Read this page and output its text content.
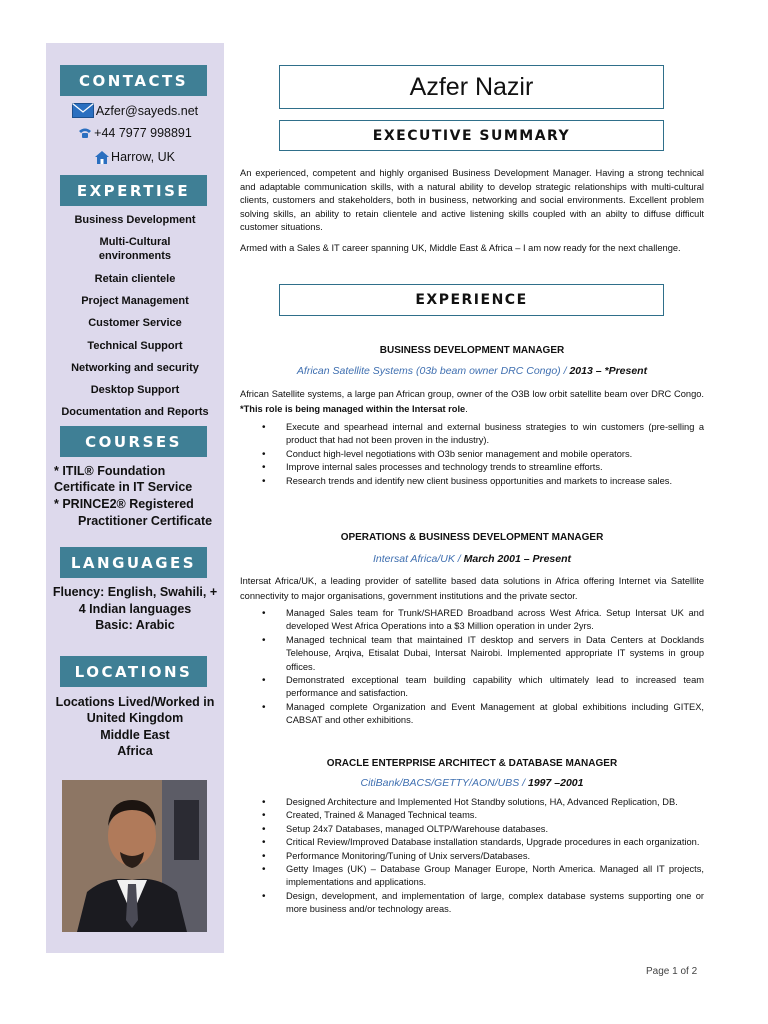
CONTACTS
Azfer@sayeds.net
+44 7977 998891
Harrow, UK
EXPERTISE
Business Development
Multi-Cultural
environments
Retain clientele
Project Management
Customer Service
Technical Support
Networking and security
Desktop Support
Documentation and Reports
COURSES
* ITIL® Foundation
Certificate in IT Service
* PRINCE2® Registered
Practitioner Certificate
LANGUAGES
Fluency: English, Swahili, +
4 Indian languages
Basic: Arabic
LOCATIONS
Locations Lived/Worked in
United Kingdom
Middle East
Africa
Azfer Nazir
EXECUTIVE SUMMARY
An experienced, competent and highly organised Business Development Manager. Having a strong technical and adaptable communication skills, with a natural ability to develop strategic relationships with multi-cultural clients, customers and stakeholders, both in business, networking and social environments. Excellent problem solving skills, an ability to retain clientele and active listening skills coupled with an abilty to diffuse difficult customer situations.
Armed with a Sales & IT career spanning UK, Middle East & Africa – I am now ready for the next challenge.
EXPERIENCE
BUSINESS DEVELOPMENT MANAGER
African Satellite Systems (03b beam owner DRC Congo) / 2013 – *Present
African Satellite systems, a large pan African group, owner of the O3B low orbit satellite beam over DRC Congo. *This role is being managed within the Intersat role.
• Execute and spearhead internal and external business strategies to win customers (pre-selling a product that had not been proven in the industry).
• Conduct high-level negotiations with O3b senior management and mobile operators.
• Improve internal sales processes and technology trends to streamline efforts.
• Research trends and identify new client business opportunities and markets to increase sales.
OPERATIONS & BUSINESS DEVELOPMENT MANAGER
Intersat Africa/UK / March 2001 – Present
Intersat Africa/UK, a leading provider of satellite based data solutions in Africa offering Internet via Satellite connectivity to major organisations, government institutions and the private sector.
• Managed Sales team for Trunk/SHARED Broadband across West Africa. Setup Intersat UK and developed West Africa Operations into a $3 Million operation in under 2yrs.
• Managed technical team that maintained IT desktop and servers in Data Centers at Docklands Telehouse, Arqiva, Etisalat Dubai, Intersat Nairobi. Implemented appropriate IT systems in group offices.
• Demonstrated exceptional team building capability which ultimately lead to increased team performance and satisfaction.
• Managed complete Organization and Event Management at global exhibitions including GITEX, CABSAT and other exhibitions.
ORACLE ENTERPRISE ARCHITECT & DATABASE MANAGER
CitiBank/BACS/GETTY/AON/UBS / 1997 –2001
• Designed Architecture and Implemented Hot Standby solutions, HA, Advanced Replication, DB.
• Created, Trained & Managed Technical teams.
• Setup 24x7 Databases, managed OLTP/Warehouse databases.
• Critical Review/Improved Database installation standards, Upgrade procedures in each organization.
• Performance Monitoring/Tuning of Unix servers/Databases.
• Getty Images (UK) – Database Group Manager Europe, North America. Managed all IT projects, implementations and applications.
• Design, development, and implementation of large, complex database systems supporting one or more business and/or technology areas.
Page 1 of 2
